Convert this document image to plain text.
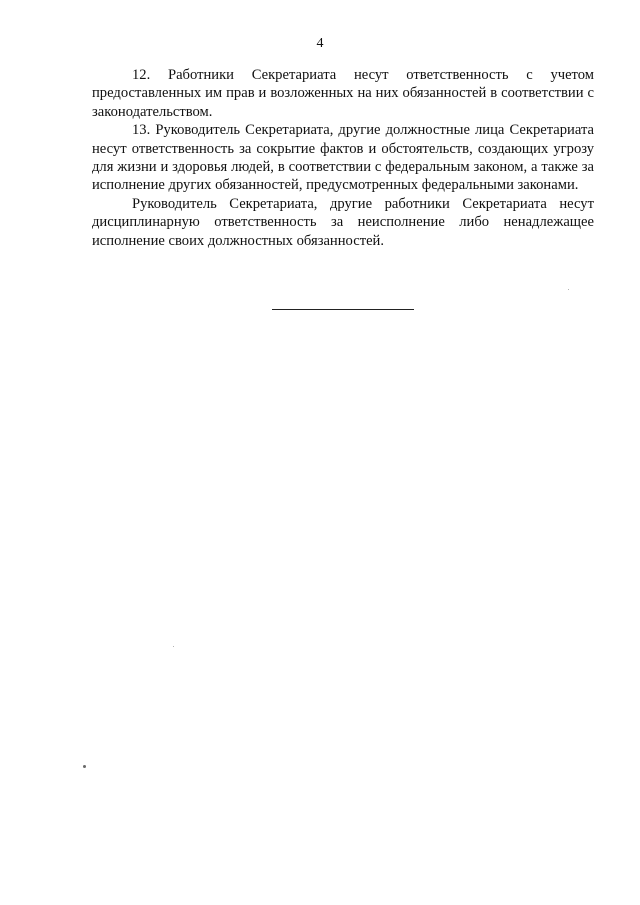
4

12. Работники Секретариата несут ответственность с учетом предоставленных им прав и возложенных на них обязанностей в соответствии с законодательством.

13. Руководитель Секретариата, другие должностные лица Секретариата несут ответственность за сокрытие фактов и обстоятельств, создающих угрозу для жизни и здоровья людей, в соответствии с федеральным законом, а также за исполнение других обязанностей, предусмотренных федеральными законами.

Руководитель Секретариата, другие работники Секретариата несут дисциплинарную ответственность за неисполнение либо ненадлежащее исполнение своих должностных обязанностей.
